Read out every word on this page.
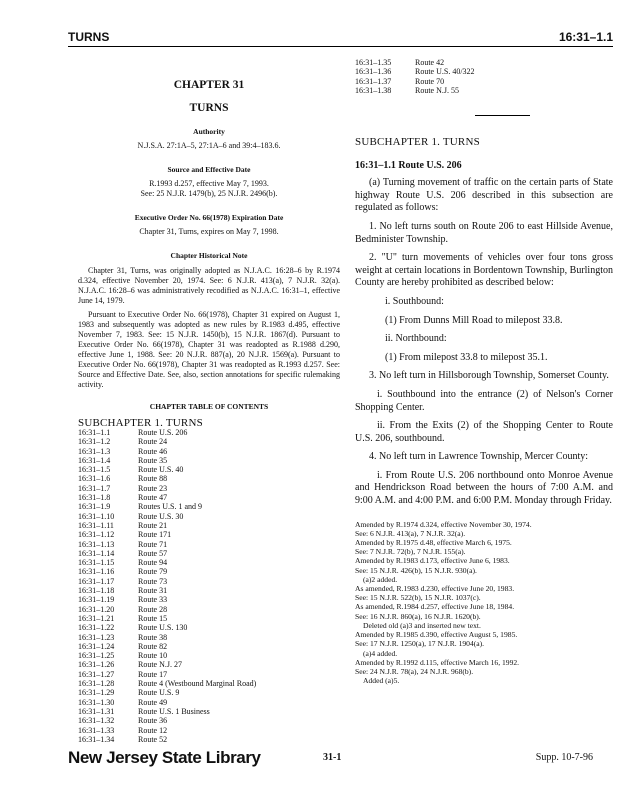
TURNS	16:31–1.1
CHAPTER 31
TURNS
Authority
N.J.S.A. 27:1A–5, 27:1A–6 and 39:4–183.6.
Source and Effective Date
R.1993 d.257, effective May 7, 1993.
See: 25 N.J.R. 1479(b), 25 N.J.R. 2496(b).
Executive Order No. 66(1978) Expiration Date
Chapter 31, Turns, expires on May 7, 1998.
Chapter Historical Note

Chapter 31, Turns, was originally adopted as N.J.A.C. 16:28–6 by R.1974 d.324, effective November 20, 1974. See: 6 N.J.R. 413(a), 7 N.J.R. 32(a). N.J.A.C. 16:28–6 was administratively recodified as N.J.A.C. 16:31–1, effective June 14, 1979.

Pursuant to Executive Order No. 66(1978), Chapter 31 expired on August 1, 1983 and subsequently was adopted as new rules by R.1983 d.495, effective November 7, 1983. See: 15 N.J.R. 1450(b), 15 N.J.R. 1867(d). Pursuant to Executive Order No. 66(1978), Chapter 31 was readopted as R.1988 d.290, effective June 1, 1988. See: 20 N.J.R. 887(a), 20 N.J.R. 1569(a). Pursuant to Executive Order No. 66(1978), Chapter 31 was readopted as R.1993 d.257. See: Source and Effective Date. See, also, section annotations for specific rulemaking activity.

CHAPTER TABLE OF CONTENTS
SUBCHAPTER 1. TURNS
16:31–1.1	Route U.S. 206
16:31–1.2	Route 24
16:31–1.3	Route 46
16:31–1.4	Route 35
16:31–1.5	Route U.S. 40
16:31–1.6	Route 88
16:31–1.7	Route 23
16:31–1.8	Route 47
16:31–1.9	Routes U.S. 1 and 9
16:31–1.10	Route U.S. 30
16:31–1.11	Route 21
16:31–1.12	Route 171
16:31–1.13	Route 71
16:31–1.14	Route 57
16:31–1.15	Route 94
16:31–1.16	Route 79
16:31–1.17	Route 73
16:31–1.18	Route 31
16:31–1.19	Route 33
16:31–1.20	Route 28
16:31–1.21	Route 15
16:31–1.22	Route U.S. 130
16:31–1.23	Route 38
16:31–1.24	Route 82
16:31–1.25	Route 10
16:31–1.26	Route N.J. 27
16:31–1.27	Route 17
16:31–1.28	Route 4 (Westbound Marginal Road)
16:31–1.29	Route U.S. 9
16:31–1.30	Route 49
16:31–1.31	Route U.S. 1 Business
16:31–1.32	Route 36
16:31–1.33	Route 12
16:31–1.34	Route 52
16:31–1.35	Route 42
16:31–1.36	Route U.S. 40/322
16:31–1.37	Route 70
16:31–1.38	Route N.J. 55
SUBCHAPTER 1. TURNS
16:31–1.1 Route U.S. 206

(a) Turning movement of traffic on the certain parts of State highway Route U.S. 206 described in this subsection are regulated as follows:

1. No left turns south on Route 206 to east Hillside Avenue, Bedminister Township.

2. "U" turn movements of vehicles over four tons gross weight at certain locations in Bordentown Township, Burlington County are hereby prohibited as described below:

i. Southbound:

(1) From Dunns Mill Road to milepost 33.8.

ii. Northbound:

(1) From milepost 33.8 to milepost 35.1.

3. No left turn in Hillsborough Township, Somerset County.

i. Southbound into the entrance (2) of Nelson's Corner Shopping Center.

ii. From the Exits (2) of the Shopping Center to Route U.S. 206, southbound.

4. No left turn in Lawrence Township, Mercer County:

i. From Route U.S. 206 northbound onto Monroe Avenue and Hendrickson Road between the hours of 7:00 A.M. and 9:00 A.M. and 4:00 P.M. and 6:00 P.M. Monday through Friday.

Amended by R.1974 d.324, effective November 30, 1974.
See: 6 N.J.R. 413(a), 7 N.J.R. 32(a).
Amended by R.1975 d.48, effective March 6, 1975.
See: 7 N.J.R. 72(b), 7 N.J.R. 155(a).
Amended by R.1983 d.173, effective June 6, 1983.
See: 15 N.J.R. 426(b), 15 N.J.R. 930(a).
(a)2 added.
As amended, R.1983 d.230, effective June 20, 1983.
See: 15 N.J.R. 522(b), 15 N.J.R. 1037(c).
As amended, R.1984 d.257, effective June 18, 1984.
See: 16 N.J.R. 860(a), 16 N.J.R. 1620(b).
Deleted old (a)3 and inserted new text.
Amended by R.1985 d.390, effective August 5, 1985.
See: 17 N.J.R. 1250(a), 17 N.J.R. 1904(a).
(a)4 added.
Amended by R.1992 d.115, effective March 16, 1992.
See: 24 N.J.R. 78(a), 24 N.J.R. 968(b).
Added (a)5.
New Jersey State Library	31-1	Supp. 10-7-96
